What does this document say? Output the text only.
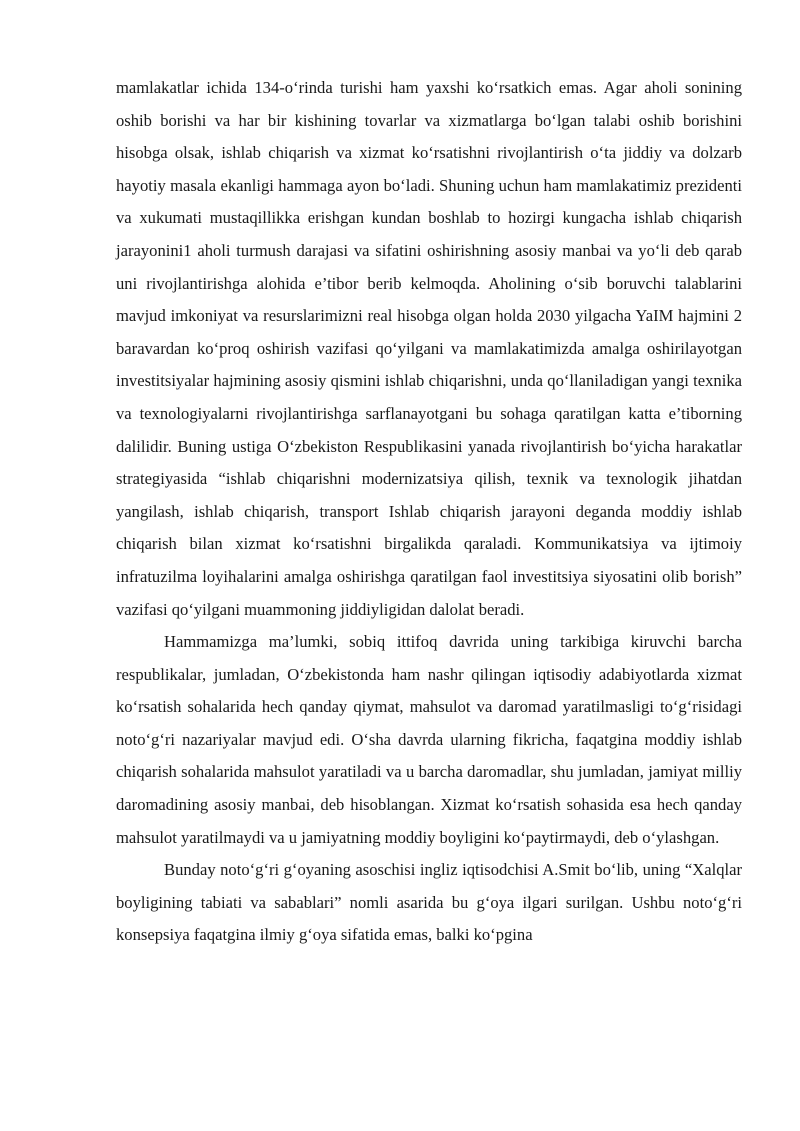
mamlakatlar ichida 134-o‘rinda turishi ham yaxshi ko‘rsatkich emas. Agar aholi sonining oshib borishi va har bir kishining tovarlar va xizmatlarga bo‘lgan talabi oshib borishini hisobga olsak, ishlab chiqarish va xizmat ko‘rsatishni rivojlantirish o‘ta jiddiy va dolzarb hayotiy masala ekanligi hammaga ayon bo‘ladi. Shuning uchun ham mamlakatimiz prezidenti va xukumati mustaqillikka erishgan kundan boshlab to hozirgi kungacha ishlab chiqarish jarayonini1 aholi turmush darajasi va sifatini oshirishning asosiy manbai va yo‘li deb qarab uni rivojlantirishga alohida e’tibor berib kelmoqda. Aholining o‘sib boruvchi talablarini mavjud imkoniyat va resurslarimizni real hisobga olgan holda 2030 yilgacha YaIM hajmini 2 baravardan ko‘proq oshirish vazifasi qo‘yilgani va mamlakatimizda amalga oshirilayotgan investitsiyalar hajmining asosiy qismini ishlab chiqarishni, unda qo‘llaniladigan yangi texnika va texnologiyalarni rivojlantirishga sarflanayotgani bu sohaga qaratilgan katta e’tiborning dalilidir. Buning ustiga O‘zbekiston Respublikasini yanada rivojlantirish bo‘yicha harakatlar strategiyasida “ishlab chiqarishni modernizatsiya qilish, texnik va texnologik jihatdan yangilash, ishlab chiqarish, transport Ishlab chiqarish jarayoni deganda moddiy ishlab chiqarish bilan xizmat ko‘rsatishni birgalikda qaraladi. Kommunikatsiya va ijtimoiy infratuzilma loyihalarini amalga oshirishga qaratilgan faol investitsiya siyosatini olib borish” vazifasi qo‘yilgani muammoning jiddiyligidan dalolat beradi.

Hammamizga ma’lumki, sobiq ittifoq davrida uning tarkibiga kiruvchi barcha respublikalar, jumladan, O‘zbekistonda ham nashr qilingan iqtisodiy adabiyotlarda xizmat ko‘rsatish sohalarida hech qanday qiymat, mahsulot va daromad yaratilmasligi to‘g‘risidagi noto‘g‘ri nazariyalar mavjud edi. O‘sha davrda ularning fikricha, faqatgina moddiy ishlab chiqarish sohalarida mahsulot yaratiladi va u barcha daromadlar, shu jumladan, jamiyat milliy daromadining asosiy manbai, deb hisoblangan. Xizmat ko‘rsatish sohasida esa hech qanday mahsulot yaratilmaydi va u jamiyatning moddiy boyligini ko‘paytirmaydi, deb o‘ylashgan.

Bunday noto‘g‘ri g‘oyaning asoschisi ingliz iqtisodchisi A.Smit bo‘lib, uning “Xalqlar boyligining tabiati va sabablari” nomli asarida bu g‘oya ilgari surilgan. Ushbu noto‘g‘ri konsepsiya faqatgina ilmiy g‘oya sifatida emas, balki ko‘pgina
